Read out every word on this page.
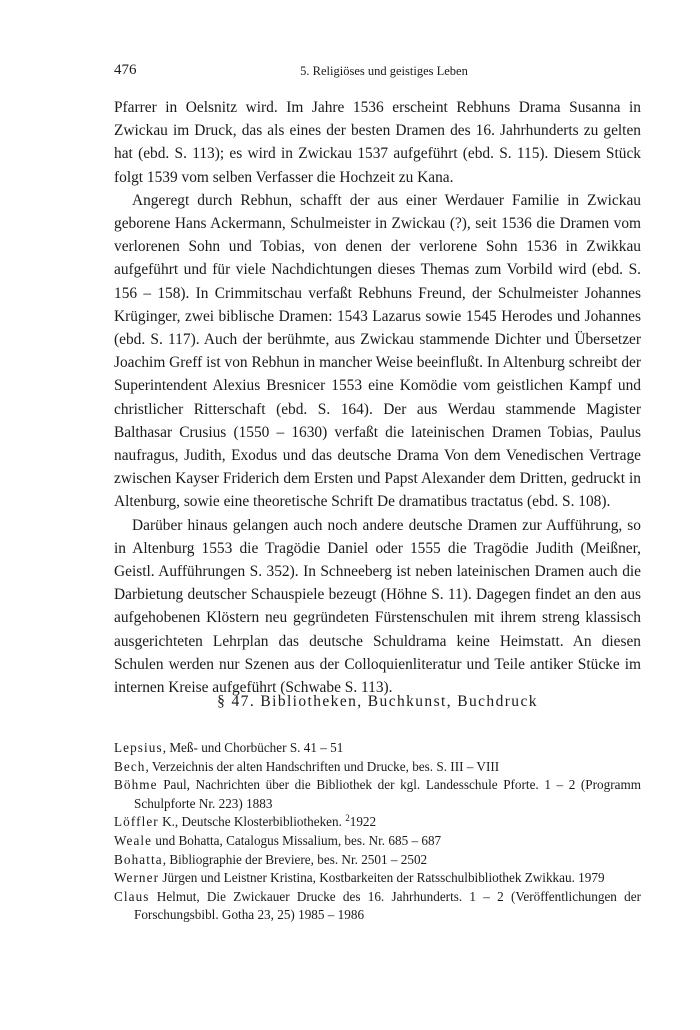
476	5. Religiöses und geistiges Leben

Pfarrer in Oelsnitz wird. Im Jahre 1536 erscheint Rebhuns Drama Susanna in Zwickau im Druck, das als eines der besten Dramen des 16. Jahrhunderts zu gelten hat (ebd. S. 113); es wird in Zwickau 1537 aufgeführt (ebd. S. 115). Diesem Stück folgt 1539 vom selben Verfasser die Hochzeit zu Kana.

Angeregt durch Rebhun, schafft der aus einer Werdauer Familie in Zwickau geborene Hans Ackermann, Schulmeister in Zwickau (?), seit 1536 die Dramen vom verlorenen Sohn und Tobias, von denen der verlorene Sohn 1536 in Zwikkau aufgeführt und für viele Nachdichtungen dieses Themas zum Vorbild wird (ebd. S. 156 – 158). In Crimmitschau verfaßt Rebhuns Freund, der Schulmeister Johannes Krüginger, zwei biblische Dramen: 1543 Lazarus sowie 1545 Herodes und Johannes (ebd. S. 117). Auch der berühmte, aus Zwickau stammende Dichter und Übersetzer Joachim Greff ist von Rebhun in mancher Weise beeinflußt. In Altenburg schreibt der Superintendent Alexius Bresnicer 1553 eine Komödie vom geistlichen Kampf und christlicher Ritterschaft (ebd. S. 164). Der aus Werdau stammende Magister Balthasar Crusius (1550 – 1630) verfaßt die lateinischen Dramen Tobias, Paulus naufragus, Judith, Exodus und das deutsche Drama Von dem Venedischen Vertrage zwischen Kayser Friderich dem Ersten und Papst Alexander dem Dritten, gedruckt in Altenburg, sowie eine theoretische Schrift De dramatibus tractatus (ebd. S. 108).

Darüber hinaus gelangen auch noch andere deutsche Dramen zur Aufführung, so in Altenburg 1553 die Tragödie Daniel oder 1555 die Tragödie Judith (Meißner, Geistl. Aufführungen S. 352). In Schneeberg ist neben lateinischen Dramen auch die Darbietung deutscher Schauspiele bezeugt (Höhne S. 11). Dagegen findet an den aus aufgehobenen Klöstern neu gegründeten Fürstenschulen mit ihrem streng klassisch ausgerichteten Lehrplan das deutsche Schuldrama keine Heimstatt. An diesen Schulen werden nur Szenen aus der Colloquienliteratur und Teile antiker Stücke im internen Kreise aufgeführt (Schwabe S. 113).

§ 47. Bibliotheken, Buchkunst, Buchdruck
Lepsius, Meß- und Chorbücher S. 41 – 51
Bech, Verzeichnis der alten Handschriften und Drucke, bes. S. III – VIII
Böhme Paul, Nachrichten über die Bibliothek der kgl. Landesschule Pforte. 1 – 2 (Programm Schulpforte Nr. 223) 1883
Löffler K., Deutsche Klosterbibliotheken. $^2$1922
Weale und Bohatta, Catalogus Missalium, bes. Nr. 685 – 687
Bohatta, Bibliographie der Breviere, bes. Nr. 2501 – 2502
Werner Jürgen und Leistner Kristina, Kostbarkeiten der Ratsschulbibliothek Zwikkau. 1979
Claus Helmut, Die Zwickauer Drucke des 16. Jahrhunderts. 1 – 2 (Veröffentlichungen der Forschungsbibl. Gotha 23, 25) 1985 – 1986
